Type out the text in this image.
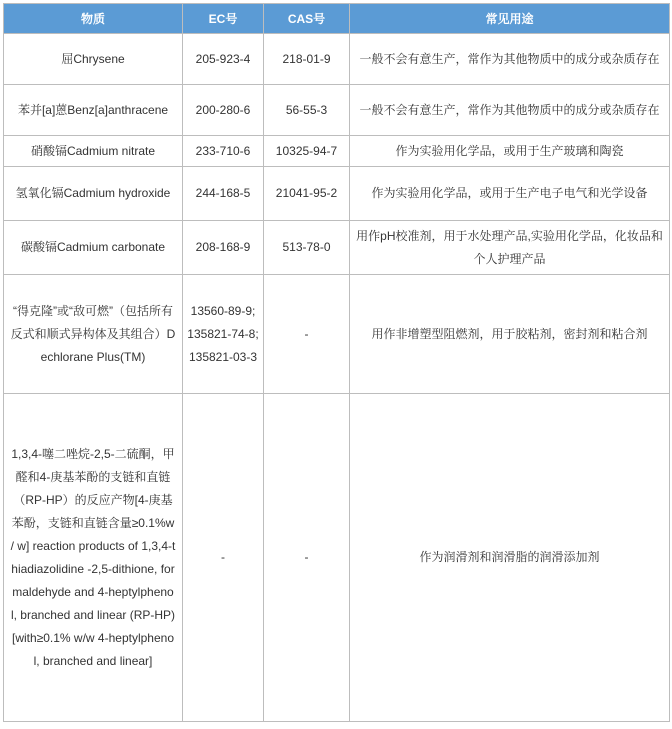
物质	EC号	CAS号	常见用途
屈Chrysene	205-923-4	218-01-9	一般不会有意生产，常作为其他物质中的成分或杂质存在
苯并[a]蒽Benz[a]anthracene	200-280-6	56-55-3	一般不会有意生产，常作为其他物质中的成分或杂质存在
硝酸镉Cadmium nitrate	233-710-6	10325-94-7	作为实验用化学品，或用于生产玻璃和陶瓷
氢氧化镉Cadmium hydroxide	244-168-5	21041-95-2	作为实验用化学品，或用于生产电子电气和光学设备
碳酸镉Cadmium carbonate	208-168-9	513-78-0	用作pH校准剂，用于水处理产品,实验用化学品，化妆品和个人护理产品
“得克隆”或“敌可燃”（包括所有反式和顺式异构体及其组合）Dechlorane Plus(TM)	13560-89-9; 135821-74-8; 135821-03-3	-	用作非增塑型阻燃剂，用于胶粘剂，密封剂和粘合剂
1,3,4-噻二唑烷-2,5-二硫酮，甲醛和4-庚基苯酚的支链和直链（RP-HP）的反应产物[4-庚基苯酚，支链和直链含量≥0.1%w / w] reaction products of 1,3,4-thiadiazolidine -2,5-dithione, formaldehyde and 4-heptylphenol, branched and linear (RP-HP) [with≥0.1% w/w 4-heptylphenol, branched and linear]	-	-	作为润滑剂和润滑脂的润滑添加剂
